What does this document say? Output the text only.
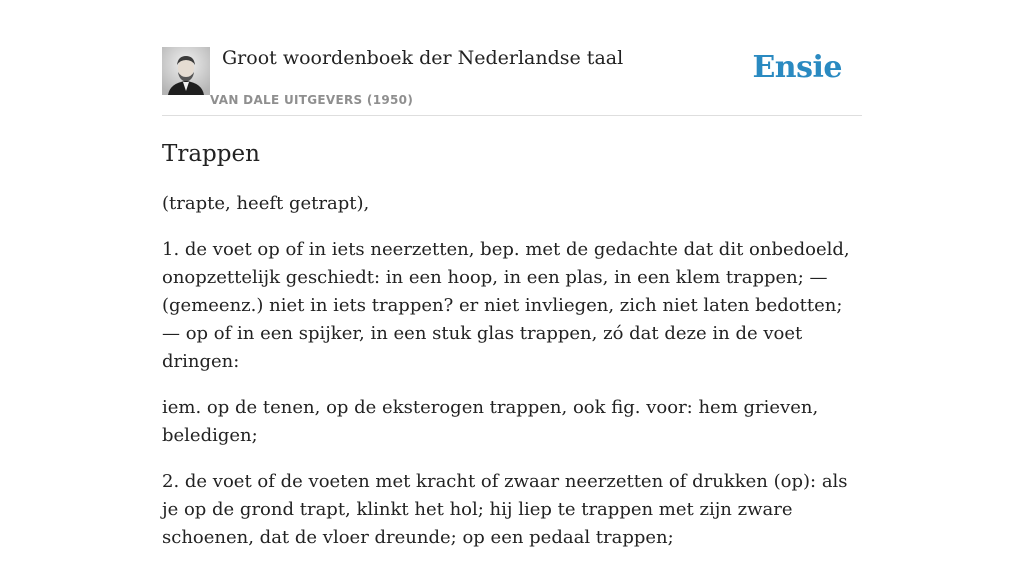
Groot woordenboek der Nederlandse taal
VAN DALE UITGEVERS (1950)
Ensie
Trappen

(trapte, heeft getrapt),

1. de voet op of in iets neerzetten, bep. met de gedachte dat dit onbedoeld, onopzettelijk geschiedt: in een hoop, in een plas, in een klem trappen; — (gemeenz.) niet in iets trappen? er niet invliegen, zich niet laten bedotten; — op of in een spijker, in een stuk glas trappen, zó dat deze in de voet dringen:

iem. op de tenen, op de eksterogen trappen, ook fig. voor: hem grieven, beledigen;

2. de voet of de voeten met kracht of zwaar neerzetten of drukken (op): als je op de grond trapt, klinkt het hol; hij liep te trappen met zijn zware schoenen, dat de vloer dreunde; op een pedaal trappen;
